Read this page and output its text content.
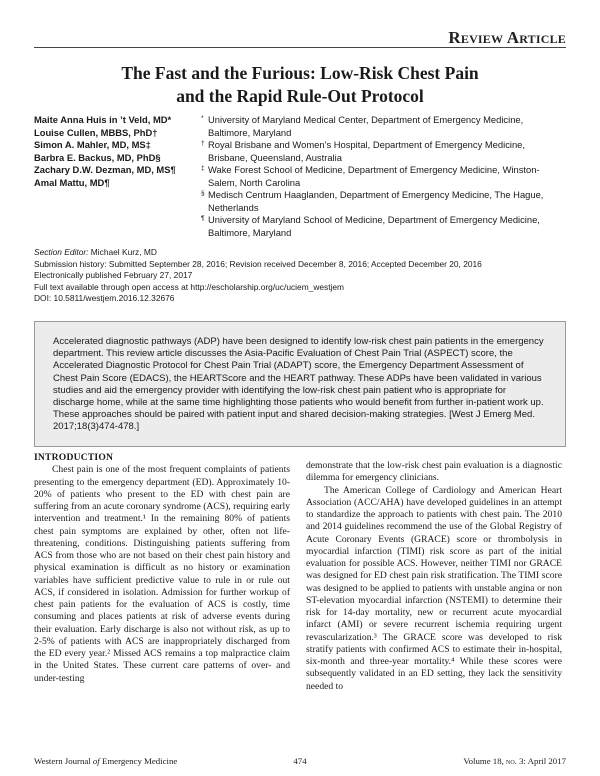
Review Article
The Fast and the Furious: Low-Risk Chest Pain
and the Rapid Rule-Out Protocol
Maite Anna Huis in ’t Veld, MD*
Louise Cullen, MBBS, PhD†
Simon A. Mahler, MD, MS‡
Barbra E. Backus, MD, PhD§
Zachary D.W. Dezman, MD, MS¶
Amal Mattu, MD¶
* University of Maryland Medical Center, Department of Emergency Medicine,
Baltimore, Maryland
† Royal Brisbane and Women’s Hospital, Department of Emergency Medicine,
Brisbane, Queensland, Australia
‡ Wake Forest School of Medicine, Department of Emergency Medicine, Winston-
Salem, North Carolina
§ Medisch Centrum Haaglanden, Department of Emergency Medicine, The Hague,
Netherlands
¶ University of Maryland School of Medicine, Department of Emergency Medicine,
Baltimore, Maryland
Section Editor: Michael Kurz, MD
Submission history: Submitted September 28, 2016; Revision received December 8, 2016; Accepted December 20, 2016
Electronically published February 27, 2017
Full text available through open access at http://escholarship.org/uc/uciem_westjem
DOI: 10.5811/westjem.2016.12.32676
Accelerated diagnostic pathways (ADP) have been designed to identify low-risk chest pain patients in the emergency department. This review article discusses the Asia-Pacific Evaluation of Chest Pain Trial (ASPECT) score, the Accelerated Diagnostic Protocol for Chest Pain Trial (ADAPT) score, the Emergency Department Assessment of Chest Pain Score (EDACS), the HEARTScore and the HEART pathway. These ADPs have been validated in various studies and aid the emergency provider with identifying the low-risk chest pain patient who is appropriate for discharge home, while at the same time highlighting those patients who would benefit from further in-patient work up. These approaches should be paired with patient input and shared decision-making strategies. [West J Emerg Med. 2017;18(3)474-478.]
INTRODUCTION

Chest pain is one of the most frequent complaints of patients presenting to the emergency department (ED). Approximately 10-20% of patients who present to the ED with chest pain are suffering from an acute coronary syndrome (ACS), requiring early intervention and treatment.¹ In the remaining 80% of patients chest pain symptoms are explained by other, often not life-threatening, conditions. Distinguishing patients suffering from ACS from those who are not based on their chest pain history and physical examination is difficult as no history or examination variables have sufficient predictive value to rule in or rule out ACS, if considered in isolation. Admission for further workup of chest pain patients for the evaluation of ACS is costly, time consuming and places patients at risk of adverse events during their evaluation. Early discharge is also not without risk, as up to 2-5% of patients with ACS are inappropriately discharged from the ED every year.² Missed ACS remains a top malpractice claim in the United States. These current care patterns of over- and under-testing

demonstrate that the low-risk chest pain evaluation is a diagnostic dilemma for emergency clinicians.

The American College of Cardiology and American Heart Association (ACC/AHA) have developed guidelines in an attempt to standardize the approach to patients with chest pain. The 2010 and 2014 guidelines recommend the use of the Global Registry of Acute Coronary Events (GRACE) score or thrombolysis in myocardial infarction (TIMI) risk score as part of the initial evaluation for possible ACS. However, neither TIMI nor GRACE was designed for ED chest pain risk stratification. The TIMI score was designed to be applied to patients with unstable angina or non ST-elevation myocardial infarction (NSTEMI) to determine their risk for 14-day mortality, new or recurrent acute myocardial infarct (AMI) or severe recurrent ischemia requiring urgent revascularization.³ The GRACE score was developed to risk stratify patients with confirmed ACS to estimate their in-hospital, six-month and three-year mortality.⁴ While these scores were subsequently validated in an ED setting, they lack the sensitivity needed to

Western Journal of Emergency Medicine	474	Volume 18, no. 3: April 2017
